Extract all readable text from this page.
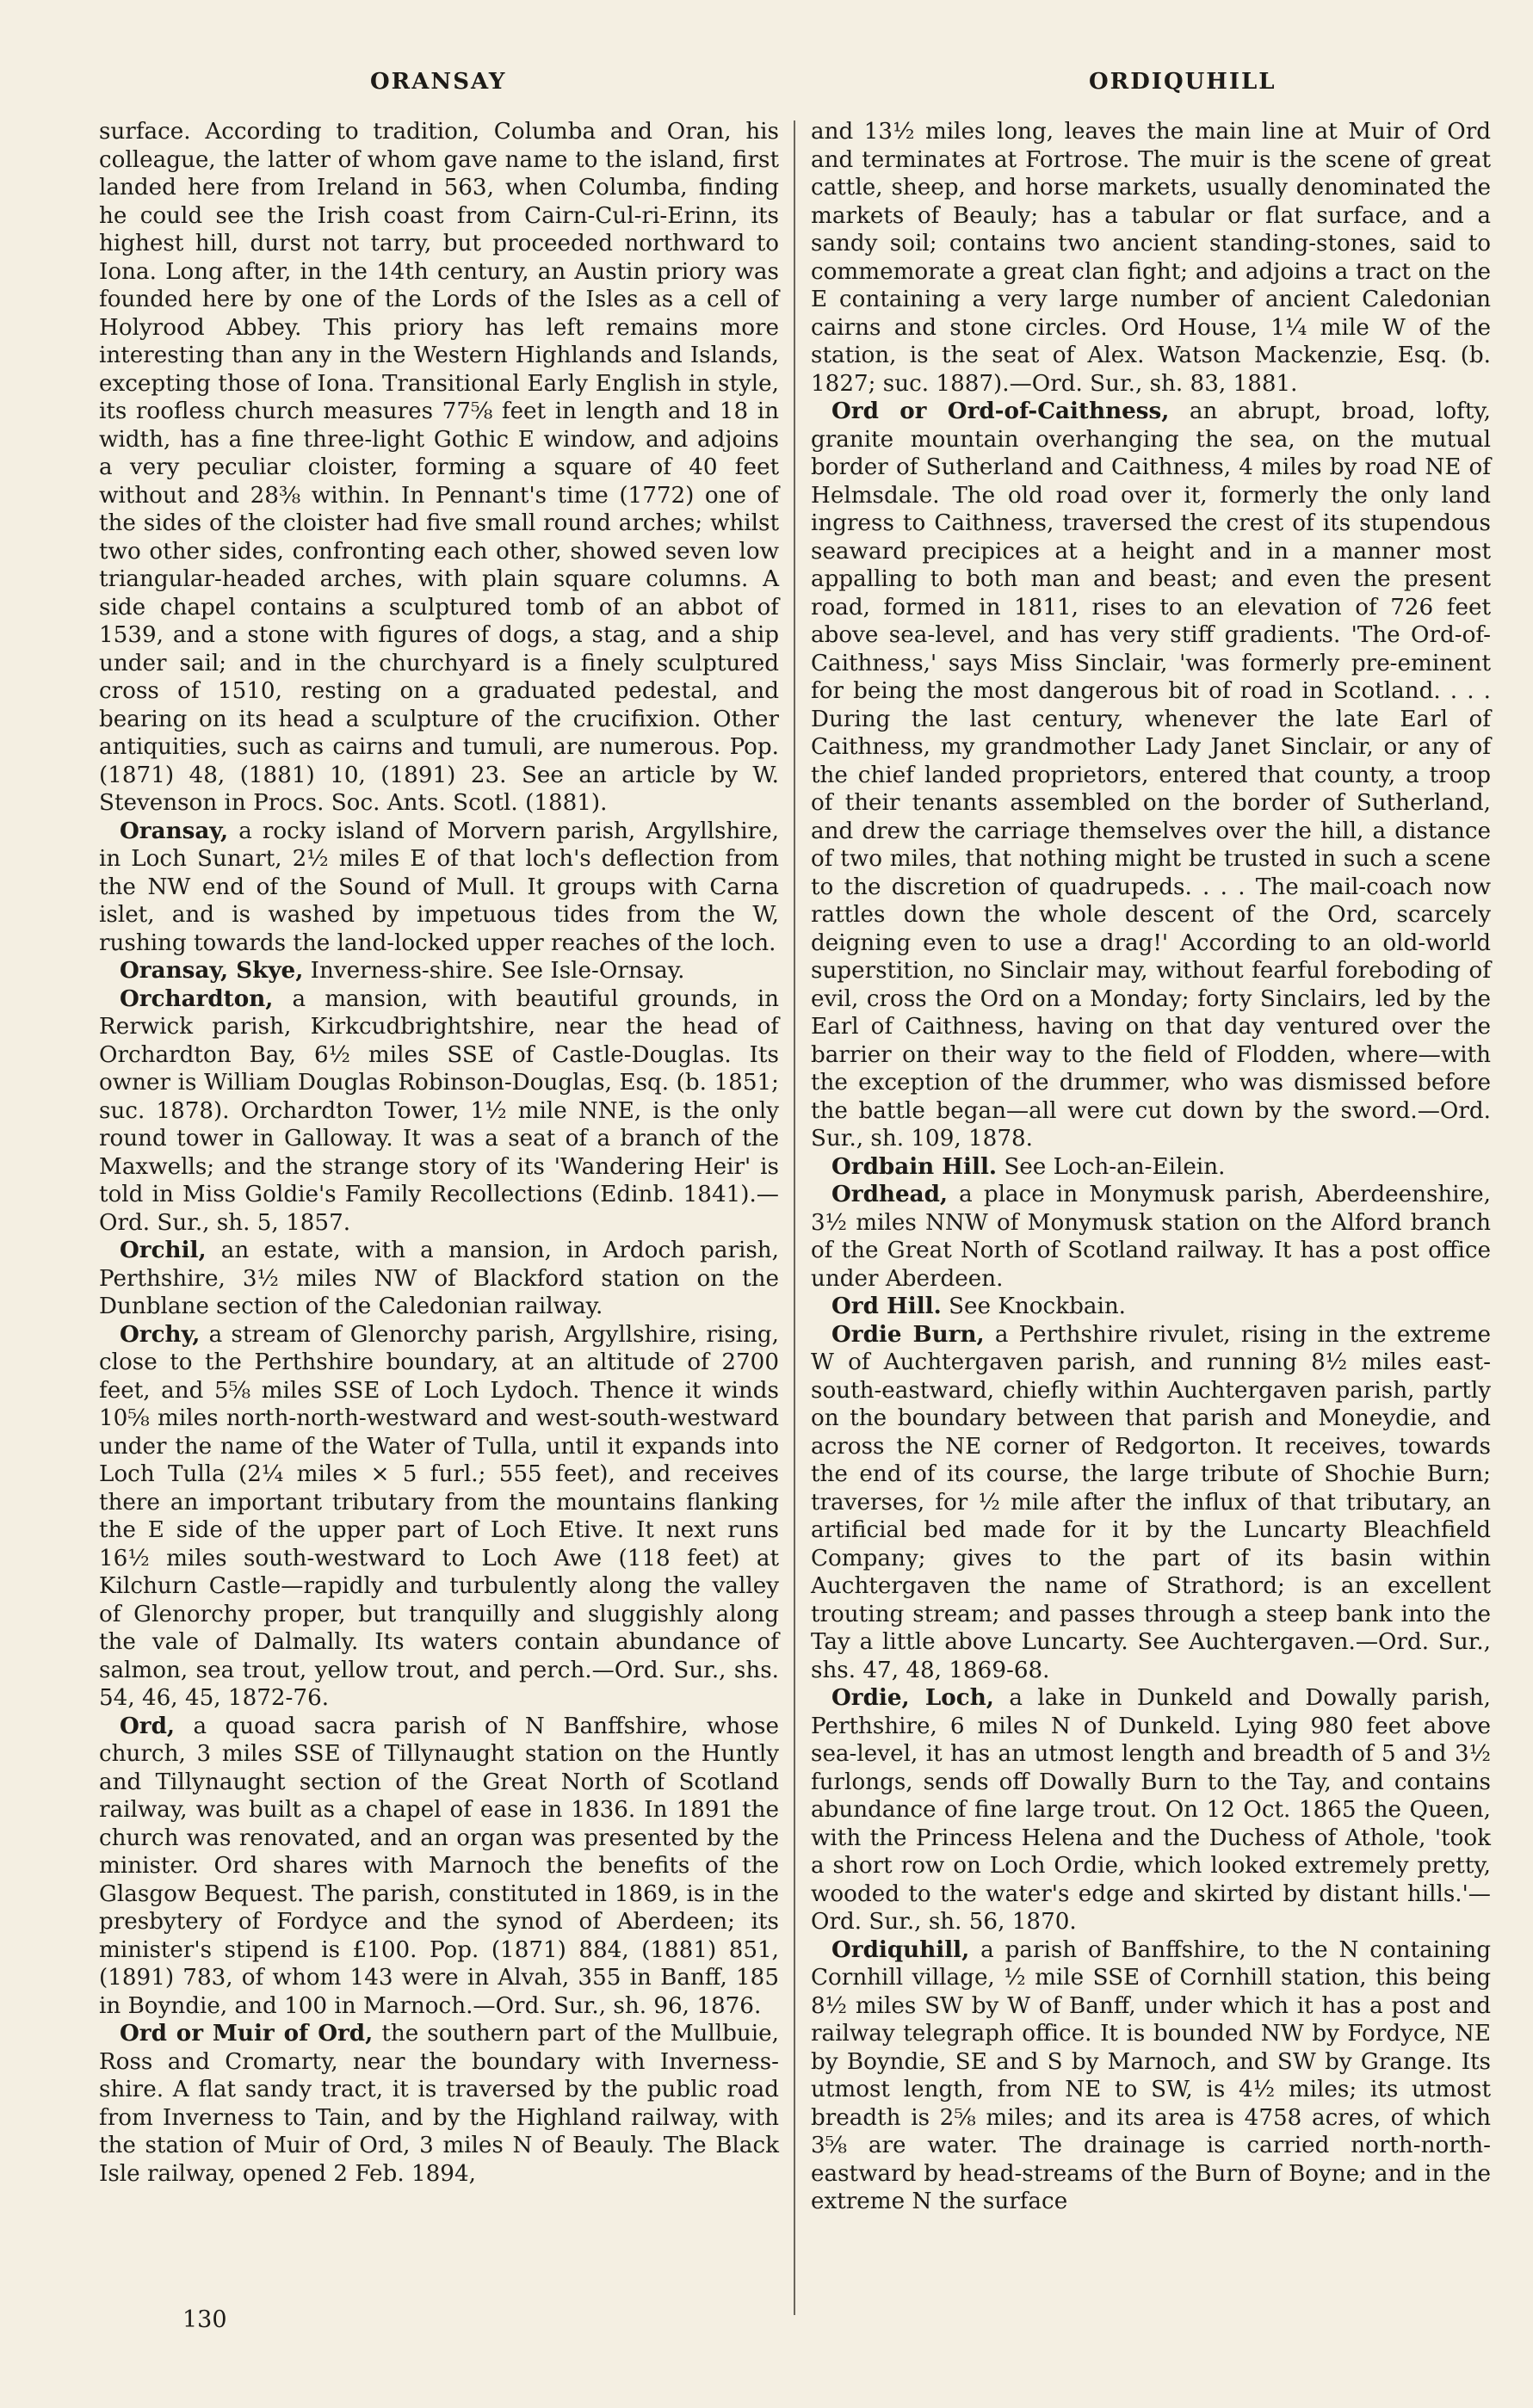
ORANSAY	ORDIQUHILL

surface. According to tradition, Columba and Oran, his colleague, the latter of whom gave name to the island, first landed here from Ireland in 563, when Columba, finding he could see the Irish coast from Cairn-Cul-ri-Erinn, its highest hill, durst not tarry, but proceeded northward to Iona. Long after, in the 14th century, an Austin priory was founded here by one of the Lords of the Isles as a cell of Holyrood Abbey. This priory has left remains more interesting than any in the Western Highlands and Islands, excepting those of Iona. Transitional Early English in style, its roofless church measures 77⅝ feet in length and 18 in width, has a fine three-light Gothic E window, and adjoins a very peculiar cloister, forming a square of 40 feet without and 28⅜ within. In Pennant's time (1772) one of the sides of the cloister had five small round arches; whilst two other sides, confronting each other, showed seven low triangular-headed arches, with plain square columns. A side chapel contains a sculptured tomb of an abbot of 1539, and a stone with figures of dogs, a stag, and a ship under sail; and in the churchyard is a finely sculptured cross of 1510, resting on a graduated pedestal, and bearing on its head a sculpture of the crucifixion. Other antiquities, such as cairns and tumuli, are numerous. Pop. (1871) 48, (1881) 10, (1891) 23. See an article by W. Stevenson in Procs. Soc. Ants. Scotl. (1881).

Oransay, a rocky island of Morvern parish, Argyllshire, in Loch Sunart, 2½ miles E of that loch's deflection from the NW end of the Sound of Mull. It groups with Carna islet, and is washed by impetuous tides from the W, rushing towards the land-locked upper reaches of the loch.

Oransay, Skye, Inverness-shire. See Isle-Ornsay.

Orchardton, a mansion, with beautiful grounds, in Rerwick parish, Kirkcudbrightshire, near the head of Orchardton Bay, 6½ miles SSE of Castle-Douglas. Its owner is William Douglas Robinson-Douglas, Esq. (b. 1851; suc. 1878). Orchardton Tower, 1½ mile NNE, is the only round tower in Galloway. It was a seat of a branch of the Maxwells; and the strange story of its 'Wandering Heir' is told in Miss Goldie's Family Recollections (Edinb. 1841).—Ord. Sur., sh. 5, 1857.

Orchil, an estate, with a mansion, in Ardoch parish, Perthshire, 3½ miles NW of Blackford station on the Dunblane section of the Caledonian railway.

Orchy, a stream of Glenorchy parish, Argyllshire, rising, close to the Perthshire boundary, at an altitude of 2700 feet, and 5⅝ miles SSE of Loch Lydoch. Thence it winds 10⅝ miles north-north-westward and west-south-westward under the name of the Water of Tulla, until it expands into Loch Tulla (2¼ miles × 5 furl.; 555 feet), and receives there an important tributary from the mountains flanking the E side of the upper part of Loch Etive. It next runs 16½ miles south-westward to Loch Awe (118 feet) at Kilchurn Castle—rapidly and turbulently along the valley of Glenorchy proper, but tranquilly and sluggishly along the vale of Dalmally. Its waters contain abundance of salmon, sea trout, yellow trout, and perch.—Ord. Sur., shs. 54, 46, 45, 1872-76.

Ord, a quoad sacra parish of N Banffshire, whose church, 3 miles SSE of Tillynaught station on the Huntly and Tillynaught section of the Great North of Scotland railway, was built as a chapel of ease in 1836. In 1891 the church was renovated, and an organ was presented by the minister. Ord shares with Marnoch the benefits of the Glasgow Bequest. The parish, constituted in 1869, is in the presbytery of Fordyce and the synod of Aberdeen; its minister's stipend is £100. Pop. (1871) 884, (1881) 851, (1891) 783, of whom 143 were in Alvah, 355 in Banff, 185 in Boyndie, and 100 in Marnoch.—Ord. Sur., sh. 96, 1876.

Ord or Muir of Ord, the southern part of the Mullbuie, Ross and Cromarty, near the boundary with Inverness-shire. A flat sandy tract, it is traversed by the public road from Inverness to Tain, and by the Highland railway, with the station of Muir of Ord, 3 miles N of Beauly. The Black Isle railway, opened 2 Feb. 1894,

and 13½ miles long, leaves the main line at Muir of Ord and terminates at Fortrose. The muir is the scene of great cattle, sheep, and horse markets, usually denominated the markets of Beauly; has a tabular or flat surface, and a sandy soil; contains two ancient standing-stones, said to commemorate a great clan fight; and adjoins a tract on the E containing a very large number of ancient Caledonian cairns and stone circles. Ord House, 1¼ mile W of the station, is the seat of Alex. Watson Mackenzie, Esq. (b. 1827; suc. 1887).—Ord. Sur., sh. 83, 1881.

Ord or Ord-of-Caithness, an abrupt, broad, lofty, granite mountain overhanging the sea, on the mutual border of Sutherland and Caithness, 4 miles by road NE of Helmsdale. The old road over it, formerly the only land ingress to Caithness, traversed the crest of its stupendous seaward precipices at a height and in a manner most appalling to both man and beast; and even the present road, formed in 1811, rises to an elevation of 726 feet above sea-level, and has very stiff gradients. 'The Ord-of-Caithness,' says Miss Sinclair, 'was formerly pre-eminent for being the most dangerous bit of road in Scotland. . . . During the last century, whenever the late Earl of Caithness, my grandmother Lady Janet Sinclair, or any of the chief landed proprietors, entered that county, a troop of their tenants assembled on the border of Sutherland, and drew the carriage themselves over the hill, a distance of two miles, that nothing might be trusted in such a scene to the discretion of quadrupeds. . . . The mail-coach now rattles down the whole descent of the Ord, scarcely deigning even to use a drag!' According to an old-world superstition, no Sinclair may, without fearful foreboding of evil, cross the Ord on a Monday; forty Sinclairs, led by the Earl of Caithness, having on that day ventured over the barrier on their way to the field of Flodden, where—with the exception of the drummer, who was dismissed before the battle began—all were cut down by the sword.—Ord. Sur., sh. 109, 1878.

Ordbain Hill. See Loch-an-Eilein.

Ordhead, a place in Monymusk parish, Aberdeenshire, 3½ miles NNW of Monymusk station on the Alford branch of the Great North of Scotland railway. It has a post office under Aberdeen.

Ord Hill. See Knockbain.

Ordie Burn, a Perthshire rivulet, rising in the extreme W of Auchtergaven parish, and running 8½ miles east-south-eastward, chiefly within Auchtergaven parish, partly on the boundary between that parish and Moneydie, and across the NE corner of Redgorton. It receives, towards the end of its course, the large tribute of Shochie Burn; traverses, for ½ mile after the influx of that tributary, an artificial bed made for it by the Luncarty Bleachfield Company; gives to the part of its basin within Auchtergaven the name of Strathord; is an excellent trouting stream; and passes through a steep bank into the Tay a little above Luncarty. See Auchtergaven.—Ord. Sur., shs. 47, 48, 1869-68.

Ordie, Loch, a lake in Dunkeld and Dowally parish, Perthshire, 6 miles N of Dunkeld. Lying 980 feet above sea-level, it has an utmost length and breadth of 5 and 3½ furlongs, sends off Dowally Burn to the Tay, and contains abundance of fine large trout. On 12 Oct. 1865 the Queen, with the Princess Helena and the Duchess of Athole, 'took a short row on Loch Ordie, which looked extremely pretty, wooded to the water's edge and skirted by distant hills.'—Ord. Sur., sh. 56, 1870.

Ordiquhill, a parish of Banffshire, to the N containing Cornhill village, ½ mile SSE of Cornhill station, this being 8½ miles SW by W of Banff, under which it has a post and railway telegraph office. It is bounded NW by Fordyce, NE by Boyndie, SE and S by Marnoch, and SW by Grange. Its utmost length, from NE to SW, is 4½ miles; its utmost breadth is 2⅝ miles; and its area is 4758 acres, of which 3⅝ are water. The drainage is carried north-north-eastward by head-streams of the Burn of Boyne; and in the extreme N the surface

130
